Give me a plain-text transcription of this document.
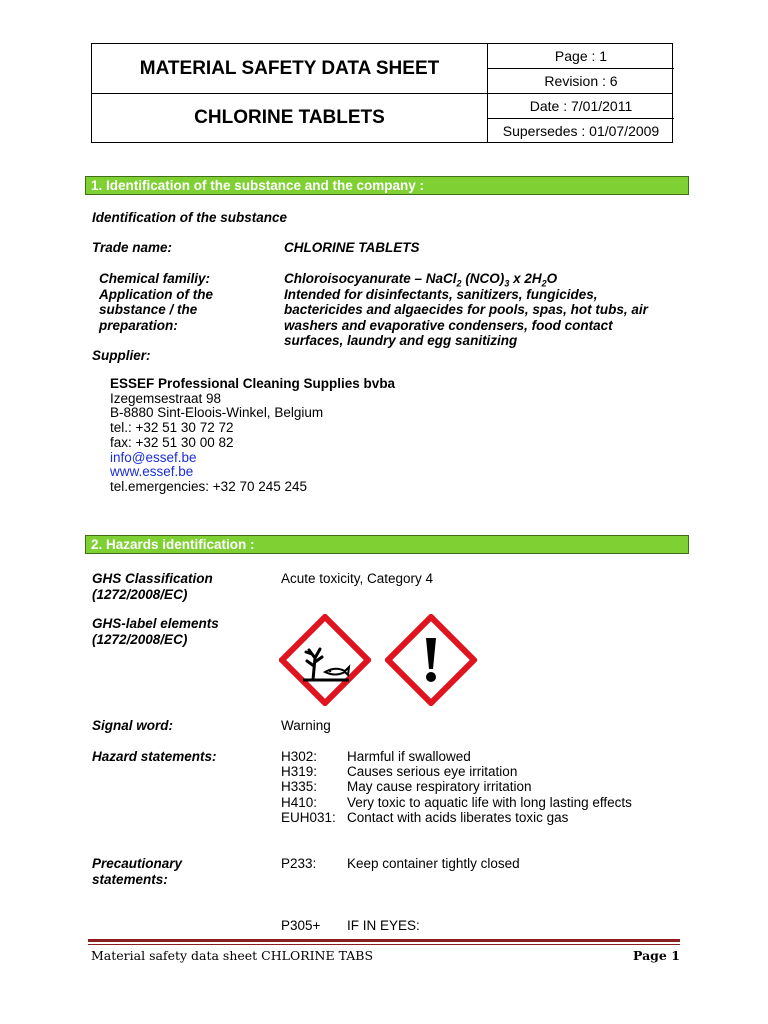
MATERIAL SAFETY DATA SHEET
CHLORINE TABLETS
Page : 1
Revision : 6
Date : 7/01/2011
Supersedes : 01/07/2009
1. Identification of the substance and the company :
Identification of the substance
Trade name:	CHLORINE TABLETS
Chemical familiy:	Chloroisocyanurate – NaCl$_2$ $(NCO)_3$ x $2H_2O$
Application of the
substance / the
preparation:
Intended for disinfectants, sanitizers, fungicides,
bactericides and algaecides for pools, spas, hot tubs, air
washers and evaporative condensers, food contact
surfaces, laundry and egg sanitizing
Supplier:
ESSEF Professional Cleaning Supplies bvba
Izegemsestraat 98
B-8880 Sint-Eloois-Winkel, Belgium
tel.: +32 51 30 72 72
fax: +32 51 30 00 82
info@essef.be
www.essef.be
tel.emergencies: +32 70 245 245
2. Hazards identification :
GHS Classification
(1272/2008/EC)
Acute toxicity, Category 4
GHS-label elements
(1272/2008/EC)
Signal word:	Warning
Hazard statements:	H302: Harmful if swallowed
H319: Causes serious eye irritation
H335: May cause respiratory irritation
H410: Very toxic to aquatic life with long lasting effects
EUH031: Contact with acids liberates toxic gas
Precautionary
statements:
P233: Keep container tightly closed
P305+ IF IN EYES:
Material safety data sheet CHLORINE TABS	Page 1
